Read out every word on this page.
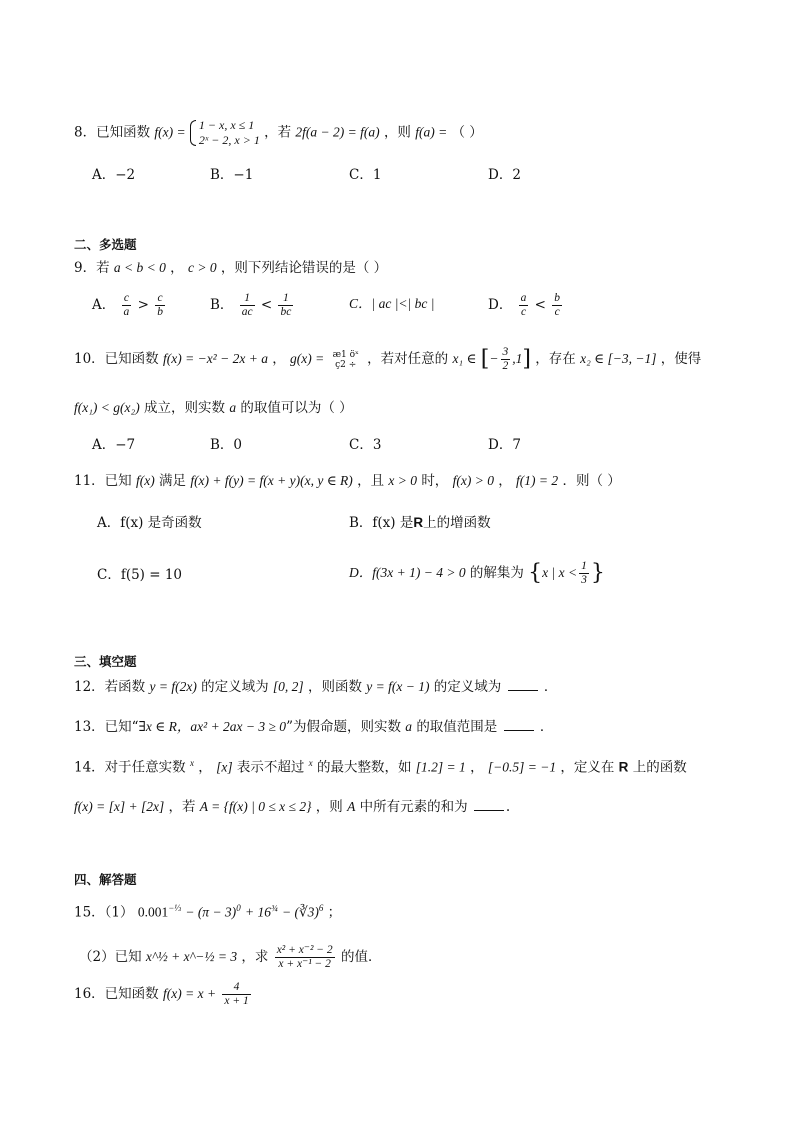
8．已知函数 f(x) = 1 − x, x ≤ 1
2ˣ − 2, x > 1 ，若 2f(a − 2) = f(a) ，则 f(a) = （ ）
A．−2	B．−1	C．1	D．2
二、多选题
9．若 a < b < 0 ， c > 0 ，则下列结论错误的是（ ）
A． $\frac{c}{a} > \frac{c}{b}$	B． $\frac{1}{ac} < \frac{1}{bc}$	C．| ac |<| bc |	D． $\frac{a}{c} < \frac{b}{c}$
10．已知函数 f(x) = −x² − 2x + a ， g(x) = ӕ1 öˣ
ç2 ÷ ，若对任意的 x₁ ∈ [− $\frac{3}{2} ,1$] ，存在 x₂ ∈ [−3, −1] ，使得
f(x₁) < g(x₂) 成立，则实数 a 的取值可以为（ ）
A．−7	B．0	C．3	D．7
11．已知 f(x) 满足 f(x) + f(y) = f(x + y)(x, y ∈ R) ，且 x > 0 时， f(x) > 0 ， f(1) = 2 ．则（ ）
A．f(x) 是奇函数	B．f(x) 是R上的增函数
C．f(5) = 10	D．f(3x + 1) − 4 > 0 的解集为 {x | $x < \frac{1}{3}$ }
三、填空题
12．若函数 y = f(2x) 的定义域为 [0, 2] ，则函数 y = f(x − 1) 的定义域为	．
13．已知“∃x ∈ R，ax² + 2ax − 3 ≥ 0”为假命题，则实数 a 的取值范围是	．
14．对于任意实数 $^x$ ， [x] 表示不超过 $^x$ 的最大整数，如 [1.2] = 1 ， [−0.5] = −1 ，定义在 R 上的函数
f(x) = [x] + [2x] ，若 A = {f(x) | 0 ≤ x ≤ 2} ，则 A 中所有元素的和为	.
四、解答题
15．（1） $0.001^{-\frac{1}{3}} - (\pi - 3)^0 + 16^{\frac{3}{4}}$ − (∛3)$^6$ ；
（2）已知 x^½ + x^−½ = 3 ，求 $\frac{\text{x² + x⁻² − 2}}{\text{x + x⁻¹ − 2}}$ 的值．
16．已知函数 $f(x) = x + \frac{4}{x + 1}$
